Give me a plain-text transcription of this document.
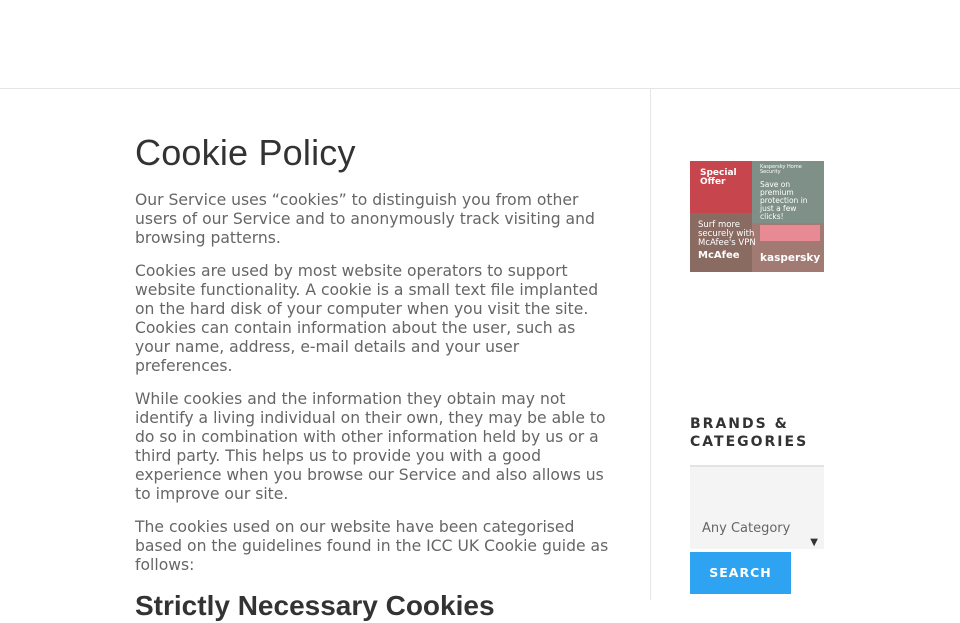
Cookie Policy

Our Service uses “cookies” to distinguish you from other users of our Service and to anonymously track visiting and browsing patterns.

Cookies are used by most website operators to support website functionality. A cookie is a small text file implanted on the hard disk of your computer when you visit the site. Cookies can contain information about the user, such as your name, address, e-mail details and your user preferences.

While cookies and the information they obtain may not identify a living individual on their own, they may be able to do so in combination with other information held by us or a third party. This helps us to provide you with a good experience when you browse our Service and also allows us to improve our site.

The cookies used on our website have been categorised based on the guidelines found in the ICC UK Cookie guide as follows:

Strictly Necessary Cookies
Special Offer
Kaspersky Home Security
Save on premium protection in just a few clicks!
Surf more securely with McAfee's VPN
McAfee kaspersky
BRANDS & CATEGORIES
Any Category
▼
SEARCH
